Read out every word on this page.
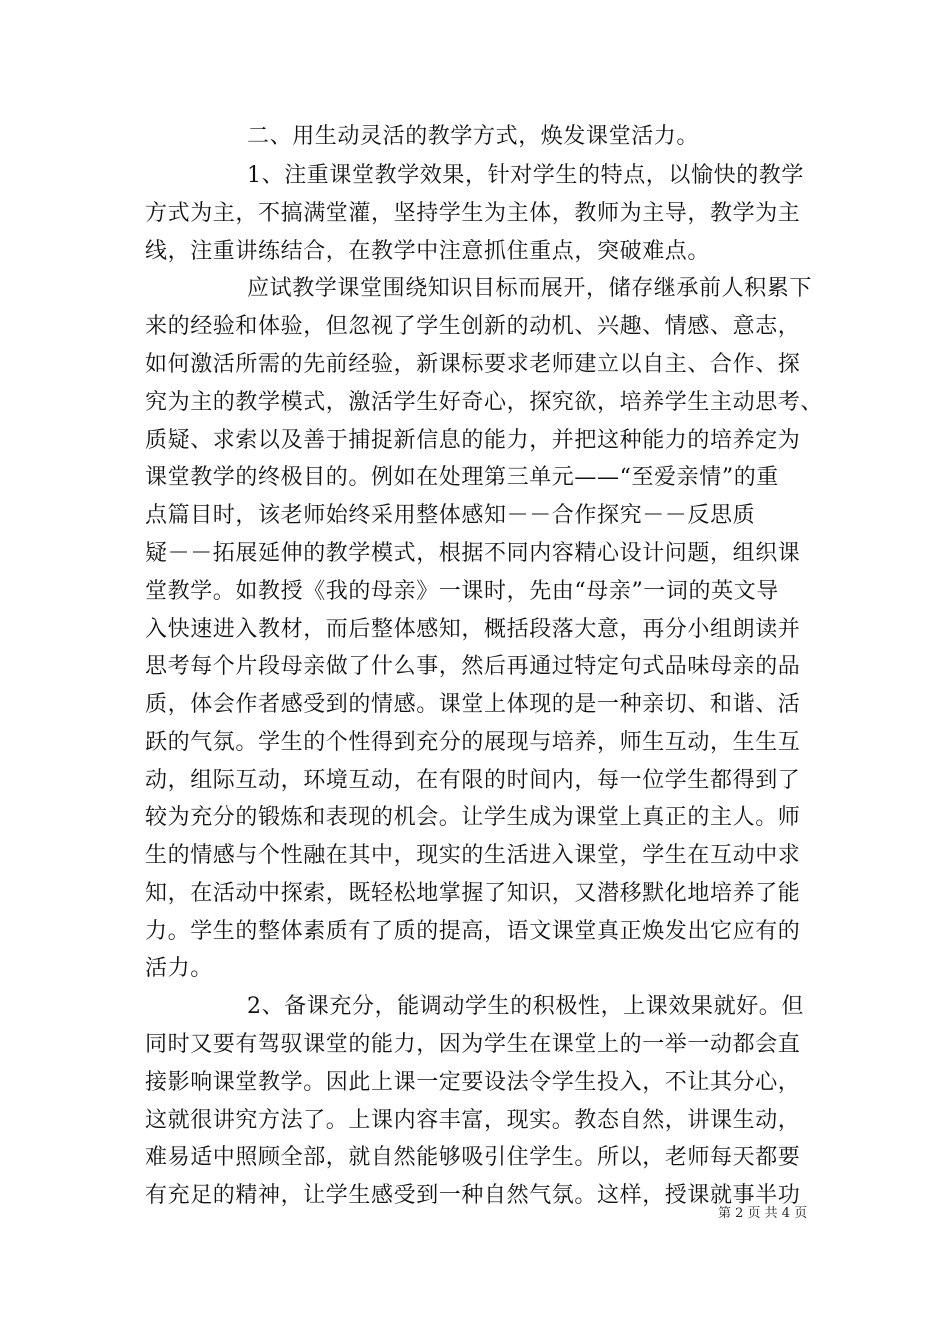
二、用生动灵活的教学方式，焕发课堂活力。
1、注重课堂教学效果，针对学生的特点，以愉快的教学
方式为主，不搞满堂灌，坚持学生为主体，教师为主导，教学为主
线，注重讲练结合，在教学中注意抓住重点，突破难点。
应试教学课堂围绕知识目标而展开，储存继承前人积累下
来的经验和体验，但忽视了学生创新的动机、兴趣、情感、意志，
如何激活所需的先前经验，新课标要求老师建立以自主、合作、探
究为主的教学模式，激活学生好奇心，探究欲，培养学生主动思考、
质疑、求索以及善于捕捉新信息的能力，并把这种能力的培养定为
课堂教学的终极目的。例如在处理第三单元——“至爱亲情”的重
点篇目时，该老师始终采用整体感知－－合作探究－－反思质
疑－－拓展延伸的教学模式，根据不同内容精心设计问题，组织课
堂教学。如教授《我的母亲》一课时，先由“母亲”一词的英文导
入快速进入教材，而后整体感知，概括段落大意，再分小组朗读并
思考每个片段母亲做了什么事，然后再通过特定句式品味母亲的品
质，体会作者感受到的情感。课堂上体现的是一种亲切、和谐、活
跃的气氛。学生的个性得到充分的展现与培养，师生互动，生生互
动，组际互动，环境互动，在有限的时间内，每一位学生都得到了
较为充分的锻炼和表现的机会。让学生成为课堂上真正的主人。师
生的情感与个性融在其中，现实的生活进入课堂，学生在互动中求
知，在活动中探索，既轻松地掌握了知识，又潜移默化地培养了能
力。学生的整体素质有了质的提高，语文课堂真正焕发出它应有的
活力。
2、备课充分，能调动学生的积极性，上课效果就好。但
同时又要有驾驭课堂的能力，因为学生在课堂上的一举一动都会直
接影响课堂教学。因此上课一定要设法令学生投入，不让其分心，
这就很讲究方法了。上课内容丰富，现实。教态自然，讲课生动，
难易适中照顾全部，就自然能够吸引住学生。所以，老师每天都要
有充足的精神，让学生感受到一种自然气氛。这样，授课就事半功
第 2 页 共 4 页
